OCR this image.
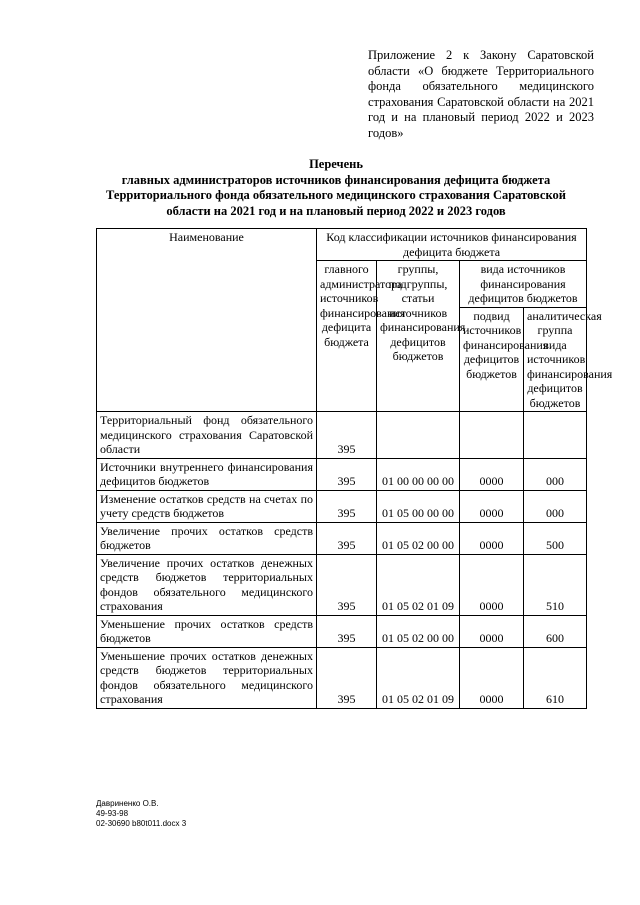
Приложение 2 к Закону Саратовской области «О бюджете Территориального фонда обязательного медицинского страхования Саратовской области на 2021 год и на плановый период 2022 и 2023 годов»
Перечень
главных администраторов источников финансирования дефицита бюджета
Территориального фонда обязательного медицинского страхования Саратовской
области на 2021 год и на плановый период 2022 и 2023 годов
Наименование	Код классификации источников финансирования дефицита бюджета			
	главного администратора источников финансирования дефицита бюджета	группы, подгруппы, статьи источников финансирования дефицитов бюджетов	вида источников финансирования дефицитов бюджетов	
			подвид источников финансирования дефицитов бюджетов	аналитическая группа вида источников финансирования дефицитов бюджетов
Территориальный фонд обязательного медицинского страхования Саратовской области	395			
Источники внутреннего финансирования дефицитов бюджетов	395	01 00 00 00 00	0000	000
Изменение остатков средств на счетах по учету средств бюджетов	395	01 05 00 00 00	0000	000
Увеличение прочих остатков средств бюджетов	395	01 05 02 00 00	0000	500
Увеличение прочих остатков денежных средств бюджетов территориальных фондов обязательного медицинского страхования	395	01 05 02 01 09	0000	510
Уменьшение прочих остатков средств бюджетов	395	01 05 02 00 00	0000	600
Уменьшение прочих остатков денежных средств бюджетов территориальных фондов обязательного медицинского страхования	395	01 05 02 01 09	0000	610
Давриненко О.В.
49-93-98
02-30690 b80t011.docx 3
